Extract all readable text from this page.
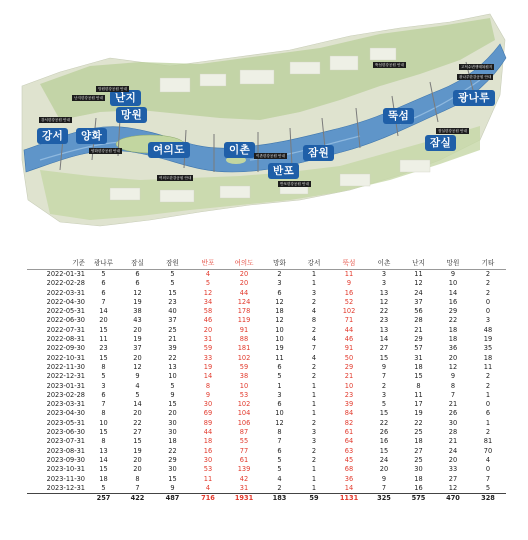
광나루
잠실
뚝섬
잠원
반포
이촌
여의도
망원
난지
양화
강서
난지한강공원 안내
강서한강공원 안내
양화한강공원 안내
망원한강공원 안내
여의도한강공원 안내
이촌한강공원 안내
반포한강공원 안내
뚝섬한강공원 안내
잠실한강공원 안내
광나루한강공원 안내
고덕수변생태복원지
기준	광나루	잠실	잠원	반포	여의도	망화	강서	뚝섬	이촌	난지	망원	기타
2022-01-31	5	6	5	4	20	2	1	11	3	11	9	2
2022-02-28	6	6	5	5	20	3	1	9	3	12	10	2
2022-03-31	6	12	15	12	44	6	3	16	13	24	14	2
2022-04-30	7	19	23	34	124	12	2	52	12	37	16	0
2022-05-31	14	38	40	58	178	18	4	102	22	56	29	0
2022-06-30	20	43	37	46	119	12	8	71	23	28	22	3
2022-07-31	15	20	25	20	91	10	2	44	13	21	18	48
2022-08-31	11	19	21	31	88	10	4	46	14	29	18	19
2022-09-30	23	37	39	59	181	19	7	91	27	57	36	35
2022-10-31	15	20	22	33	102	11	4	50	15	31	20	18
2022-11-30	8	12	13	19	59	6	2	29	9	18	12	11
2022-12-31	5	9	10	14	38	5	2	21	7	15	9	2
2023-01-31	3	4	5	8	10	1	1	10	2	8	8	2
2023-02-28	6	5	9	9	53	3	1	23	3	11	7	1
2023-03-31	7	14	15	30	102	6	1	39	5	17	21	0
2023-04-30	8	20	20	69	104	10	1	84	15	19	26	6
2023-05-31	10	22	30	89	106	12	2	82	22	22	30	1
2023-06-30	15	27	30	44	87	8	3	61	26	25	28	2
2023-07-31	8	15	18	18	55	7	3	64	16	18	21	81
2023-08-31	13	19	22	16	77	6	2	63	15	27	24	70
2023-09-30	14	20	29	30	61	5	2	45	24	25	20	4
2023-10-31	15	20	30	53	139	5	1	68	20	30	33	0
2023-11-30	18	8	15	11	42	4	1	36	9	18	27	7
2023-12-31	5	7	9	4	31	2	1	14	7	16	12	5
	257	422	487	716	1931	183	59	1131	325	575	470	328
